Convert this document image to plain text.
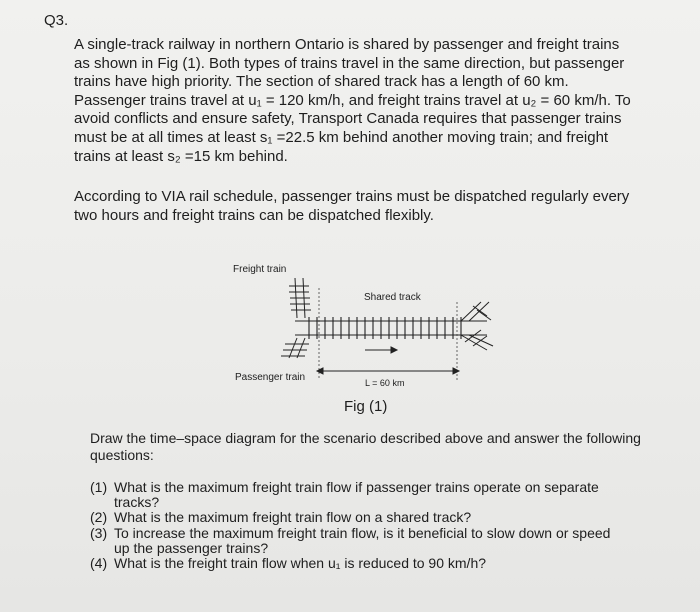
Q3.
A single-track railway in northern Ontario is shared by passenger and freight trains
as shown in Fig (1). Both types of trains travel in the same direction, but passenger
trains have high priority. The section of shared track has a length of 60 km.
Passenger trains travel at u₁ = 120 km/h, and freight trains travel at u₂ = 60 km/h. To
avoid conflicts and ensure safety, Transport Canada requires that passenger trains
must be at all times at least s₁ =22.5 km behind another moving train; and freight
trains at least s₂ =15 km behind.
According to VIA rail schedule, passenger trains must be dispatched regularly every
two hours and freight trains can be dispatched flexibly.
Freight train
Shared track
Passenger train	L = 60 km
Fig (1)
Draw the time–space diagram for the scenario described above and answer the following questions:
(1) What is the maximum freight train flow if passenger trains operate on separate
tracks?
(2) What is the maximum freight train flow on a shared track?
(3) To increase the maximum freight train flow, is it beneficial to slow down or speed
up the passenger trains?
(4) What is the freight train flow when u₁ is reduced to 90 km/h?
